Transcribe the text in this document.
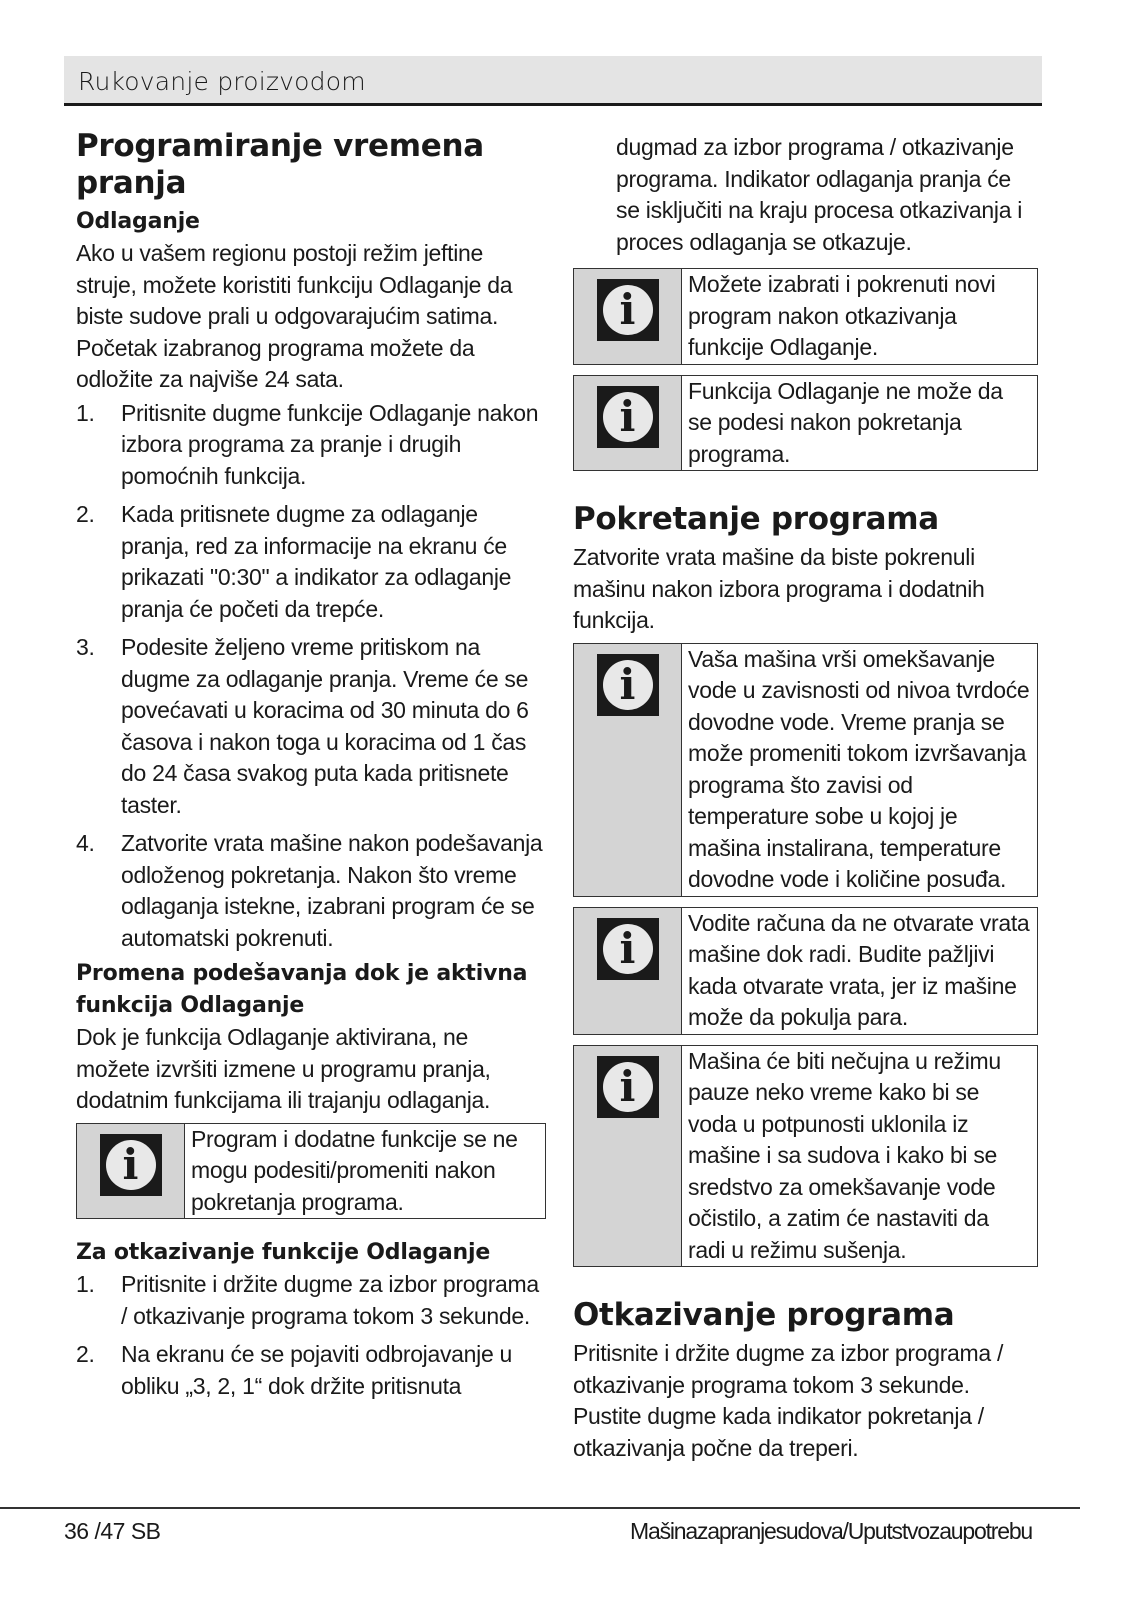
Rukovanje proizvodom
Programiranje vremena pranja
Odlaganje

Ako u vašem regionu postoji režim jeftine struje, možete koristiti funkciju Odlaganje da biste sudove prali u odgovarajućim satima. Početak izabranog programa možete da odložite za najviše 24 sata.

1. Pritisnite dugme funkcije Odlaganje nakon izbora programa za pranje i drugih pomoćnih funkcija.
2. Kada pritisnete dugme za odlaganje pranja, red za informacije na ekranu će prikazati "0:30" a indikator za odlaganje pranja će početi da trepće.
3. Podesite željeno vreme pritiskom na dugme za odlaganje pranja. Vreme će se povećavati u koracima od 30 minuta do 6 časova i nakon toga u koracima od 1 čas do 24 časa svakog puta kada pritisnete taster.
4. Zatvorite vrata mašine nakon podešavanja odloženog pokretanja. Nakon što vreme odlaganja istekne, izabrani program će se automatski pokrenuti.
Promena podešavanja dok je aktivna funkcija Odlaganje

Dok je funkcija Odlaganje aktivirana, ne možete izvršiti izmene u programu pranja, dodatnim funkcijama ili trajanju odlaganja.

i
Program i dodatne funkcije se ne mogu podesiti/promeniti nakon pokretanja programa.
Za otkazivanje funkcije Odlaganje
1. Pritisnite i držite dugme za izbor programa / otkazivanje programa tokom 3 sekunde.
2. Na ekranu će se pojaviti odbrojavanje u obliku „3, 2, 1“ dok držite pritisnuta

dugmad za izbor programa / otkazivanje programa. Indikator odlaganja pranja će se isključiti na kraju procesa otkazivanja i proces odlaganja se otkazuje.

i
Možete izabrati i pokrenuti novi program nakon otkazivanja funkcije Odlaganje.
i
Funkcija Odlaganje ne može da se podesi nakon pokretanja programa.
Pokretanje programa

Zatvorite vrata mašine da biste pokrenuli mašinu nakon izbora programa i dodatnih funkcija.

i
Vaša mašina vrši omekšavanje vode u zavisnosti od nivoa tvrdoće dovodne vode. Vreme pranja se može promeniti tokom izvršavanja programa što zavisi od temperature sobe u kojoj je mašina instalirana, temperature dovodne vode i količine posuđa.
i
Vodite računa da ne otvarate vrata mašine dok radi. Budite pažljivi kada otvarate vrata, jer iz mašine može da pokulja para.
i
Mašina će biti nečujna u režimu pauze neko vreme kako bi se voda u potpunosti uklonila iz mašine i sa sudova i kako bi se sredstvo za omekšavanje vode očistilo, a zatim će nastaviti da radi u režimu sušenja.
Otkazivanje programa

Pritisnite i držite dugme za izbor programa / otkazivanje programa tokom 3 sekunde. Pustite dugme kada indikator pokretanja / otkazivanja počne da treperi.

36 /47 SB	Mašinazapranjesudova/Uputstvozaupotrebu
